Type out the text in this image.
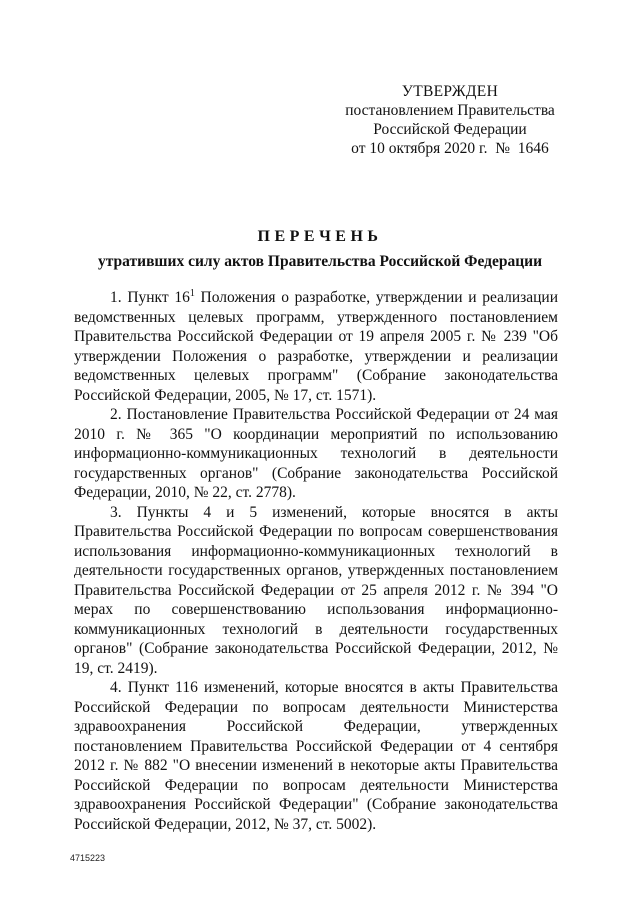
УТВЕРЖДЕН
постановлением Правительства
Российской Федерации
от 10 октября 2020 г.  №  1646
ПЕРЕЧЕНЬ
утративших силу актов Правительства Российской Федерации

1. Пункт $16^1$ Положения о разработке, утверждении и реализации ведомственных целевых программ, утвержденного постановлением Правительства Российской Федерации от 19 апреля 2005 г. № 239 "Об утверждении Положения о разработке, утверждении и реализации ведомственных целевых программ" (Собрание законодательства Российской Федерации, 2005, № 17, ст. 1571).

2. Постановление Правительства Российской Федерации от 24 мая 2010 г. № 365 "О координации мероприятий по использованию информационно-коммуникационных технологий в деятельности государственных органов" (Собрание законодательства Российской Федерации, 2010, № 22, ст. 2778).

3. Пункты 4 и 5 изменений, которые вносятся в акты Правительства Российской Федерации по вопросам совершенствования использования информационно-коммуникационных технологий в деятельности государственных органов, утвержденных постановлением Правительства Российской Федерации от 25 апреля 2012 г. № 394 "О мерах по совершенствованию использования информационно-коммуникационных технологий в деятельности государственных органов" (Собрание законодательства Российской Федерации, 2012, № 19, ст. 2419).

4. Пункт 116 изменений, которые вносятся в акты Правительства Российской Федерации по вопросам деятельности Министерства здравоохранения Российской Федерации, утвержденных постановлением Правительства Российской Федерации от 4 сентября 2012 г. № 882 "О внесении изменений в некоторые акты Правительства Российской Федерации по вопросам деятельности Министерства здравоохранения Российской Федерации" (Собрание законодательства Российской Федерации, 2012, № 37, ст. 5002).

4715223
